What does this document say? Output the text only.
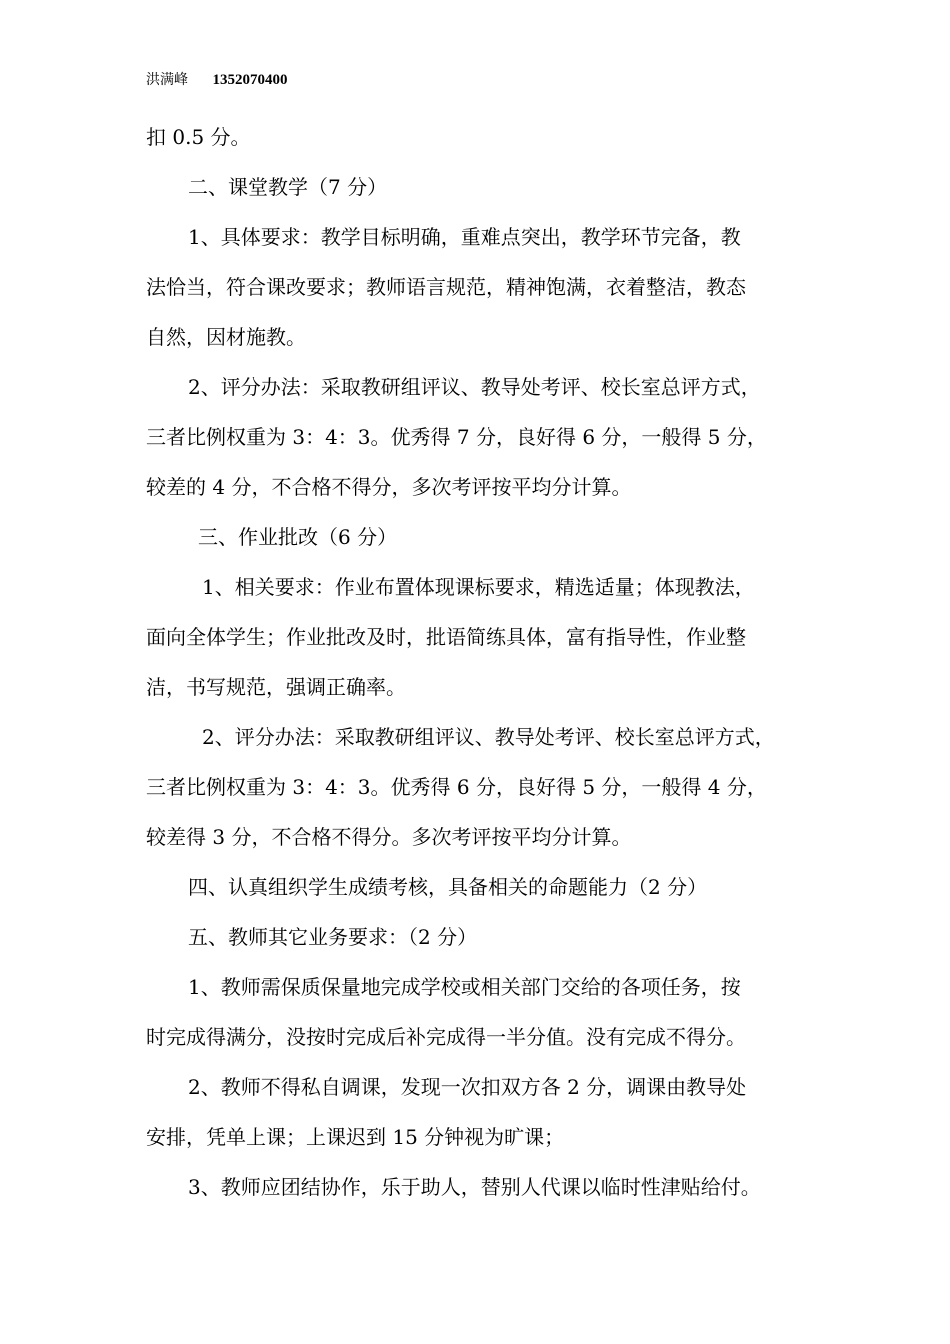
洪满峰 1352070400

扣 0.5 分。

二、课堂教学（7 分）

1、具体要求：教学目标明确，重难点突出，教学环节完备，教

法恰当，符合课改要求；教师语言规范，精神饱满，衣着整洁，教态

自然，因材施教。

2、评分办法：采取教研组评议、教导处考评、校长室总评方式，

三者比例权重为 3：4：3。优秀得 7 分，良好得 6 分，一般得 5 分，

较差的 4 分，不合格不得分，多次考评按平均分计算。

三、作业批改（6 分）

1、相关要求：作业布置体现课标要求，精选适量；体现教法，

面向全体学生；作业批改及时，批语简练具体，富有指导性，作业整

洁，书写规范，强调正确率。

2、评分办法：采取教研组评议、教导处考评、校长室总评方式，

三者比例权重为 3：4：3。优秀得 6 分，良好得 5 分，一般得 4 分，

较差得 3 分，不合格不得分。多次考评按平均分计算。

四、认真组织学生成绩考核，具备相关的命题能力（2 分）

五、教师其它业务要求：（2 分）

1、教师需保质保量地完成学校或相关部门交给的各项任务，按

时完成得满分，没按时完成后补完成得一半分值。没有完成不得分。

2、教师不得私自调课，发现一次扣双方各 2 分，调课由教导处

安排，凭单上课；上课迟到 15 分钟视为旷课；

3、教师应团结协作，乐于助人，替别人代课以临时性津贴给付。
